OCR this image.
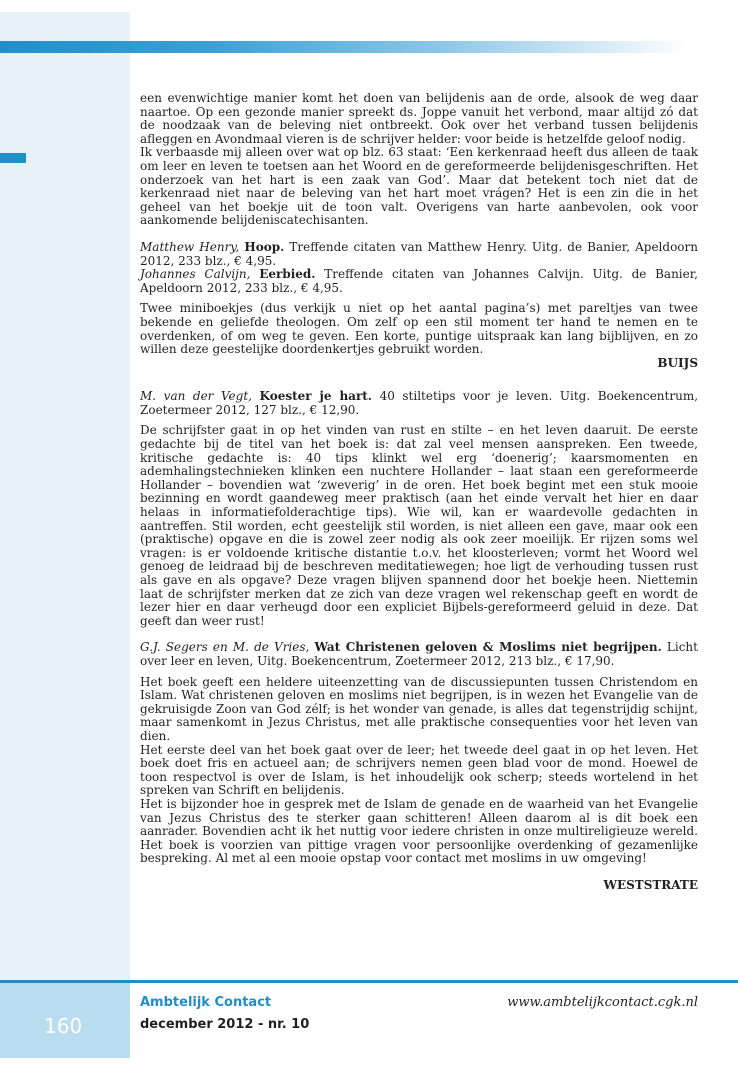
een evenwichtige manier komt het doen van belijdenis aan de orde, alsook de weg daar naartoe. Op een gezonde manier spreekt ds. Joppe vanuit het verbond, maar altijd zó dat de noodzaak van de beleving niet ontbreekt. Ook over het verband tussen belijdenis afleggen en Avondmaal vieren is de schrijver helder: voor beide is hetzelfde geloof nodig.

Ik verbaasde mij alleen over wat op blz. 63 staat: ‘Een kerkenraad heeft dus alleen de taak om leer en leven te toetsen aan het Woord en de gereformeerde belijdenisgeschriften. Het onderzoek van het hart is een zaak van God’. Maar dat betekent toch niet dat de kerkenraad niet naar de beleving van het hart moet vrágen? Het is een zin die in het geheel van het boekje uit de toon valt. Overigens van harte aanbevolen, ook voor aankomende belijdeniscatechisanten.

Matthew Henry, Hoop. Treffende citaten van Matthew Henry. Uitg. de Banier, Apeldoorn 2012, 233 blz., € 4,95.

Johannes Calvijn, Eerbied. Treffende citaten van Johannes Calvijn. Uitg. de Banier, Apeldoorn 2012, 233 blz., € 4,95.

Twee miniboekjes (dus verkijk u niet op het aantal pagina’s) met pareltjes van twee bekende en geliefde theologen. Om zelf op een stil moment ter hand te nemen en te overdenken, of om weg te geven. Een korte, puntige uitspraak kan lang bijblijven, en zo willen deze geestelijke doordenkertjes gebruikt worden.

BUIJS

M. van der Vegt, Koester je hart. 40 stiltetips voor je leven. Uitg. Boekencentrum, Zoetermeer 2012, 127 blz., € 12,90.

De schrijfster gaat in op het vinden van rust en stilte – en het leven daaruit. De eerste gedachte bij de titel van het boek is: dat zal veel mensen aanspreken. Een tweede, kritische gedachte is: 40 tips klinkt wel erg ‘doenerig’; kaarsmomenten en ademhalingstechnieken klinken een nuchtere Hollander – laat staan een gereformeerde Hollander – bovendien wat ‘zweverig’ in de oren. Het boek begint met een stuk mooie bezinning en wordt gaandeweg meer praktisch (aan het einde vervalt het hier en daar helaas in informatiefolderachtige tips). Wie wil, kan er waardevolle gedachten in aantreffen. Stil worden, echt geestelijk stil worden, is niet alleen een gave, maar ook een (praktische) opgave en die is zowel zeer nodig als ook zeer moeilijk. Er rijzen soms wel vragen: is er voldoende kritische distantie t.o.v. het kloosterleven; vormt het Woord wel genoeg de leidraad bij de beschreven meditatiewegen; hoe ligt de verhouding tussen rust als gave en als opgave? Deze vragen blijven spannend door het boekje heen. Niettemin laat de schrijfster merken dat ze zich van deze vragen wel rekenschap geeft en wordt de lezer hier en daar verheugd door een expliciet Bijbels-gereformeerd geluid in deze. Dat geeft dan weer rust!

G.J. Segers en M. de Vries, Wat Christenen geloven & Moslims niet begrijpen. Licht over leer en leven, Uitg. Boekencentrum, Zoetermeer 2012, 213 blz., € 17,90.

Het boek geeft een heldere uiteenzetting van de discussiepunten tussen Christendom en Islam. Wat christenen geloven en moslims niet begrijpen, is in wezen het Evangelie van de gekruisigde Zoon van God zélf; is het wonder van genade, is alles dat tegenstrijdig schijnt, maar samenkomt in Jezus Christus, met alle praktische consequenties voor het leven van dien.

Het eerste deel van het boek gaat over de leer; het tweede deel gaat in op het leven. Het boek doet fris en actueel aan; de schrijvers nemen geen blad voor de mond. Hoewel de toon respectvol is over de Islam, is het inhoudelijk ook scherp; steeds wortelend in het spreken van Schrift en belijdenis.

Het is bijzonder hoe in gesprek met de Islam de genade en de waarheid van het Evangelie van Jezus Christus des te sterker gaan schitteren! Alleen daarom al is dit boek een aanrader. Bovendien acht ik het nuttig voor iedere christen in onze multireligieuze wereld. Het boek is voorzien van pittige vragen voor persoonlijke overdenking of gezamenlijke bespreking. Al met al een mooie opstap voor contact met moslims in uw omgeving!

WESTSTRATE

160
Ambtelijk Contact
december 2012 - nr. 10
www.ambtelijkcontact.cgk.nl
